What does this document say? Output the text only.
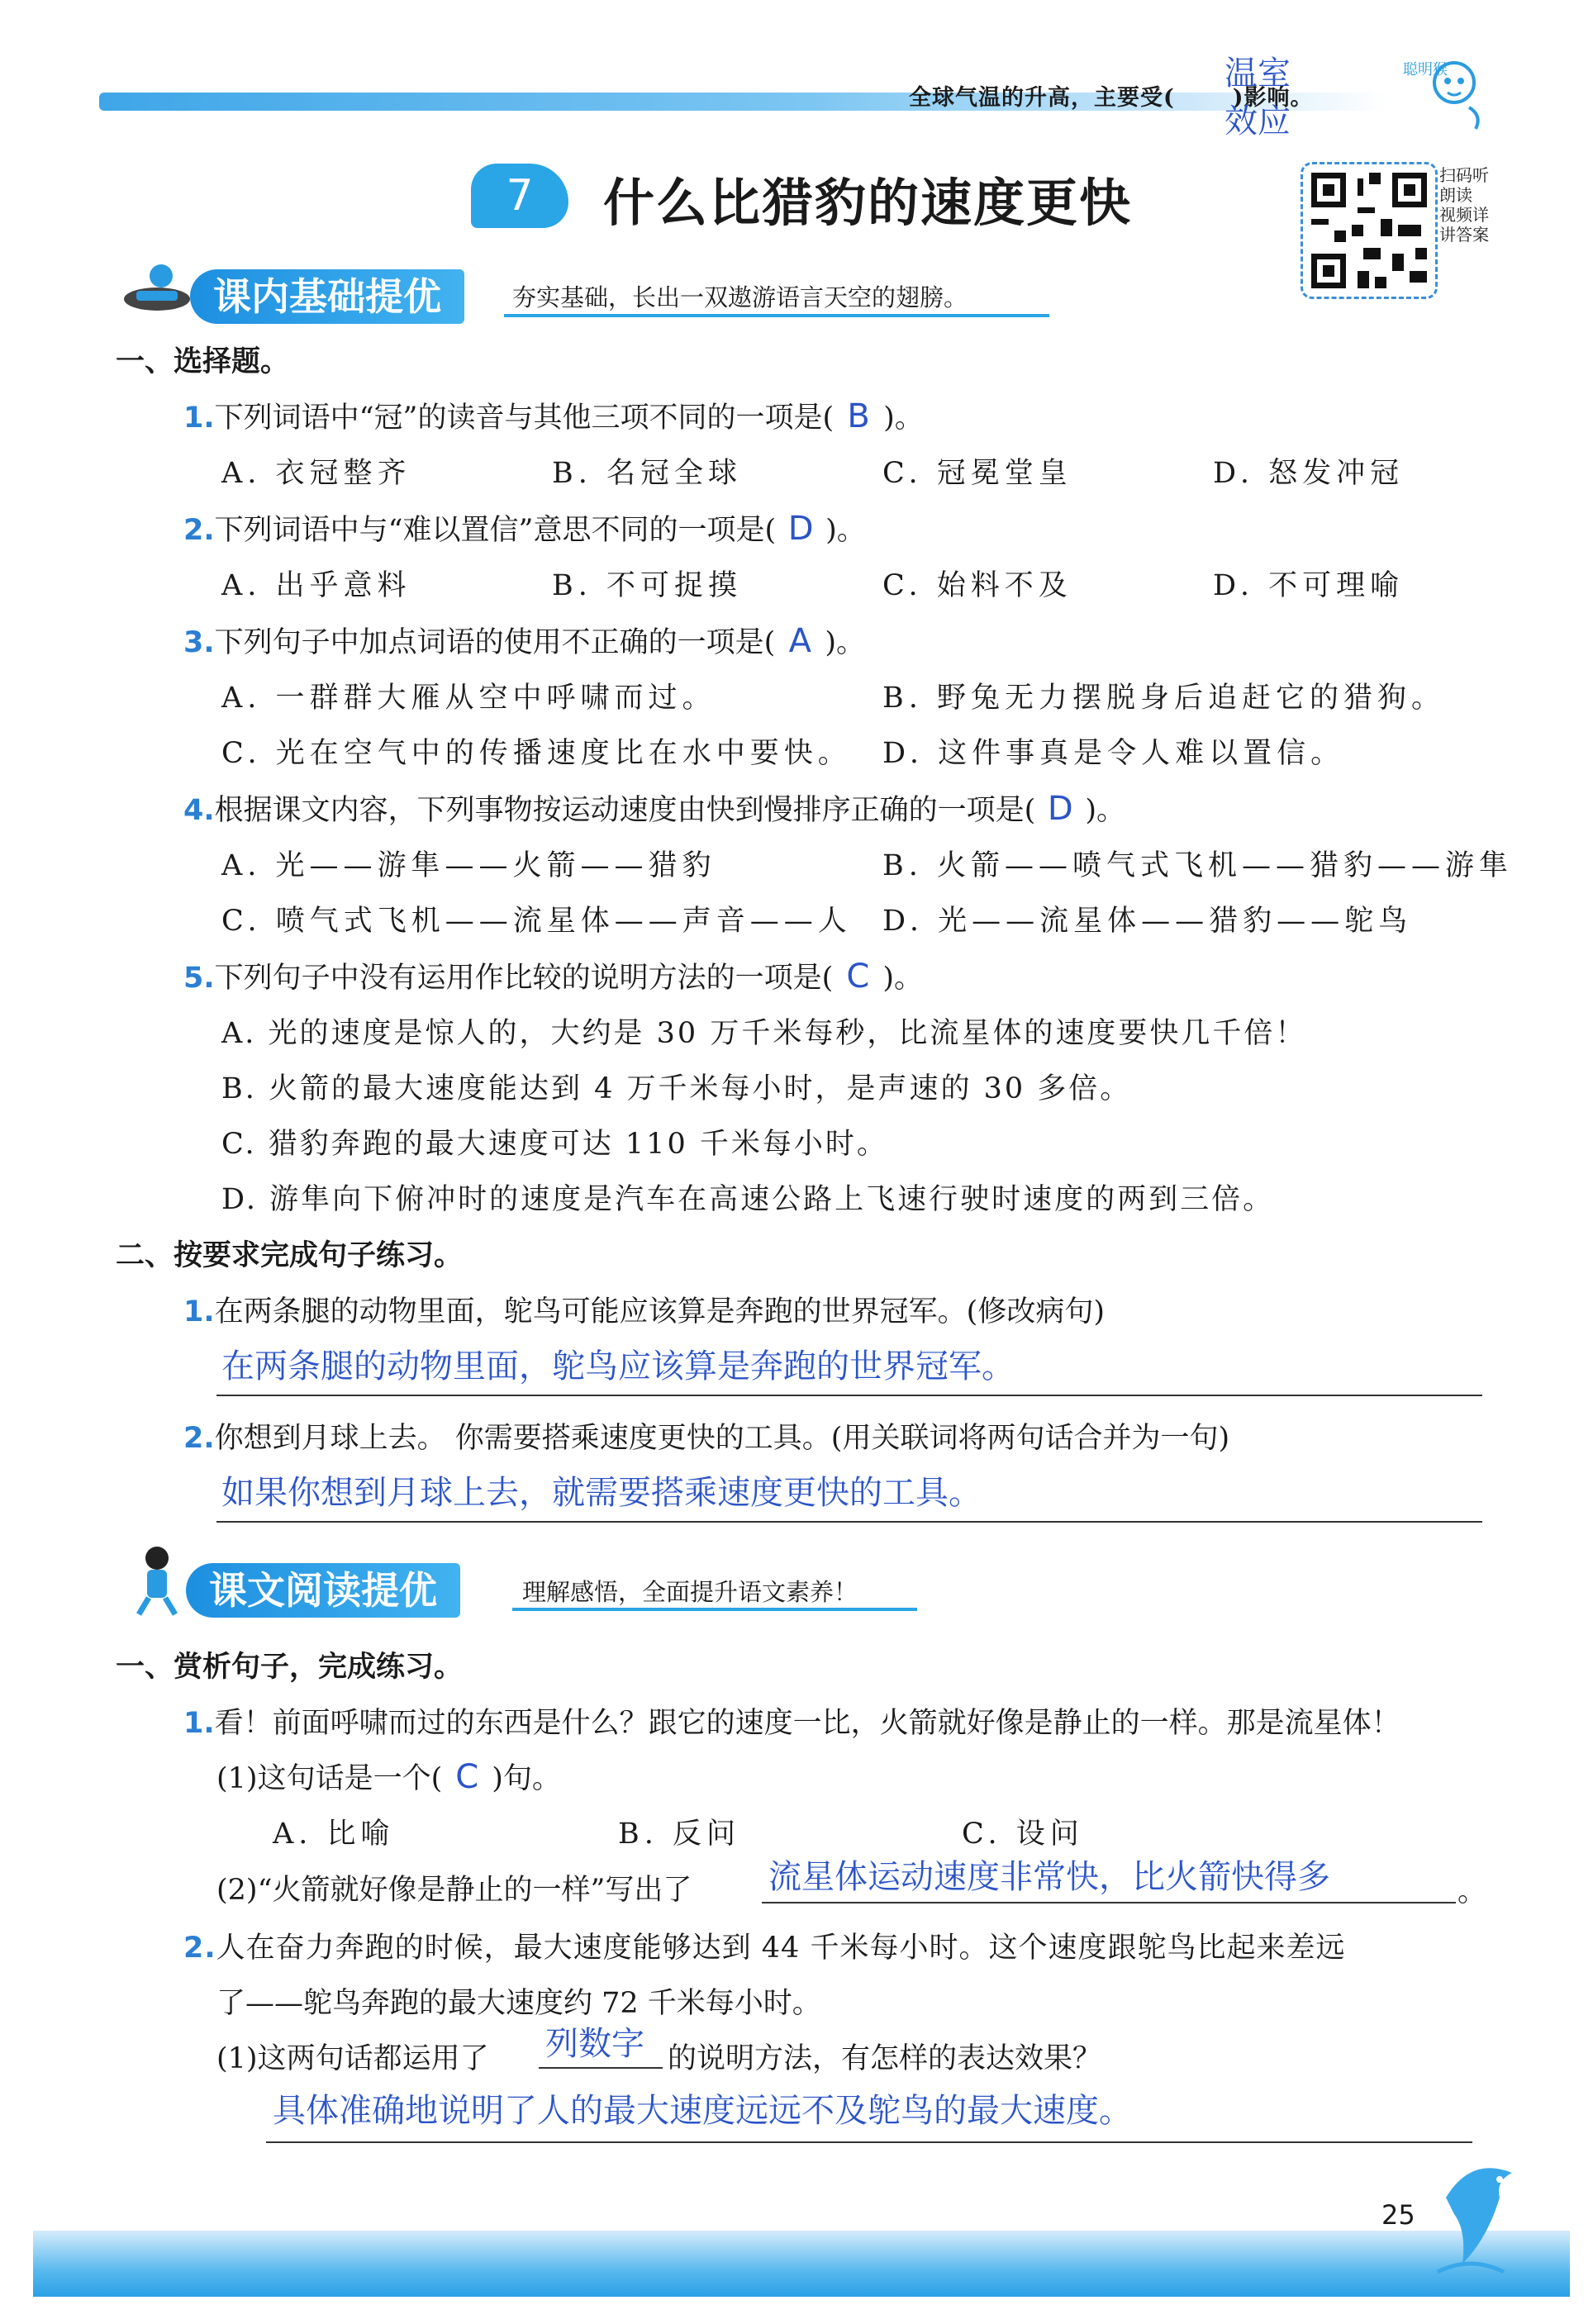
全球气温的升高，主要受(	)影响。
温室效应
聪明猴
7	什么比猎豹的速度更快	扫码听朗读 视频详讲答案
课内基础提优	夯实基础，长出一双遨游语言天空的翅膀。
一、选择题。
1.下列词语中“冠”的读音与其他三项不同的一项是( B )。
A. 衣冠整齐	B. 名冠全球	C. 冠冕堂皇	D. 怒发冲冠
2.下列词语中与“难以置信”意思不同的一项是( D )。
A. 出乎意料	B. 不可捉摸	C. 始料不及	D. 不可理喻
3.下列句子中加点词语的使用不正确的一项是( A )。
A. 一群群大雁从空中呼啸而过。	B. 野兔无力摆脱身后追赶它的猎狗。
C. 光在空气中的传播速度比在水中要快。 D. 这件事真是令人难以置信。
4.根据课文内容，下列事物按运动速度由快到慢排序正确的一项是( D )。
A. 光——游隼——火箭——猎豹	B. 火箭——喷气式飞机——猎豹——游隼
C. 喷气式飞机——流星体——声音——人 D. 光——流星体——猎豹——鸵鸟
5.下列句子中没有运用作比较的说明方法的一项是( C )。
A. 光的速度是惊人的，大约是 30 万千米每秒，比流星体的速度要快几千倍！
B. 火箭的最大速度能达到 4 万千米每小时，是声速的 30 多倍。
C. 猎豹奔跑的最大速度可达 110 千米每小时。
D. 游隼向下俯冲时的速度是汽车在高速公路上飞速行驶时速度的两到三倍。
二、按要求完成句子练习。
1.在两条腿的动物里面，鸵鸟可能应该算是奔跑的世界冠军。(修改病句)
在两条腿的动物里面，鸵鸟应该算是奔跑的世界冠军。
2.你想到月球上去。 你需要搭乘速度更快的工具。(用关联词将两句话合并为一句)
如果你想到月球上去，就需要搭乘速度更快的工具。
课文阅读提优	理解感悟，全面提升语文素养！
一、赏析句子，完成练习。
1.看！前面呼啸而过的东西是什么？跟它的速度一比，火箭就好像是静止的一样。那是流星体！
(1)这句话是一个( C )句。
A. 比喻	B. 反问	C. 设问
(2)“火箭就好像是静止的一样”写出了 流星体运动速度非常快，比火箭快得多	。
2.人在奋力奔跑的时候，最大速度能够达到 44 千米每小时。这个速度跟鸵鸟比起来差远
了——鸵鸟奔跑的最大速度约 72 千米每小时。
(1)这两句话都运用了 列数字 的说明方法，有怎样的表达效果？
具体准确地说明了人的最大速度远远不及鸵鸟的最大速度。
25
